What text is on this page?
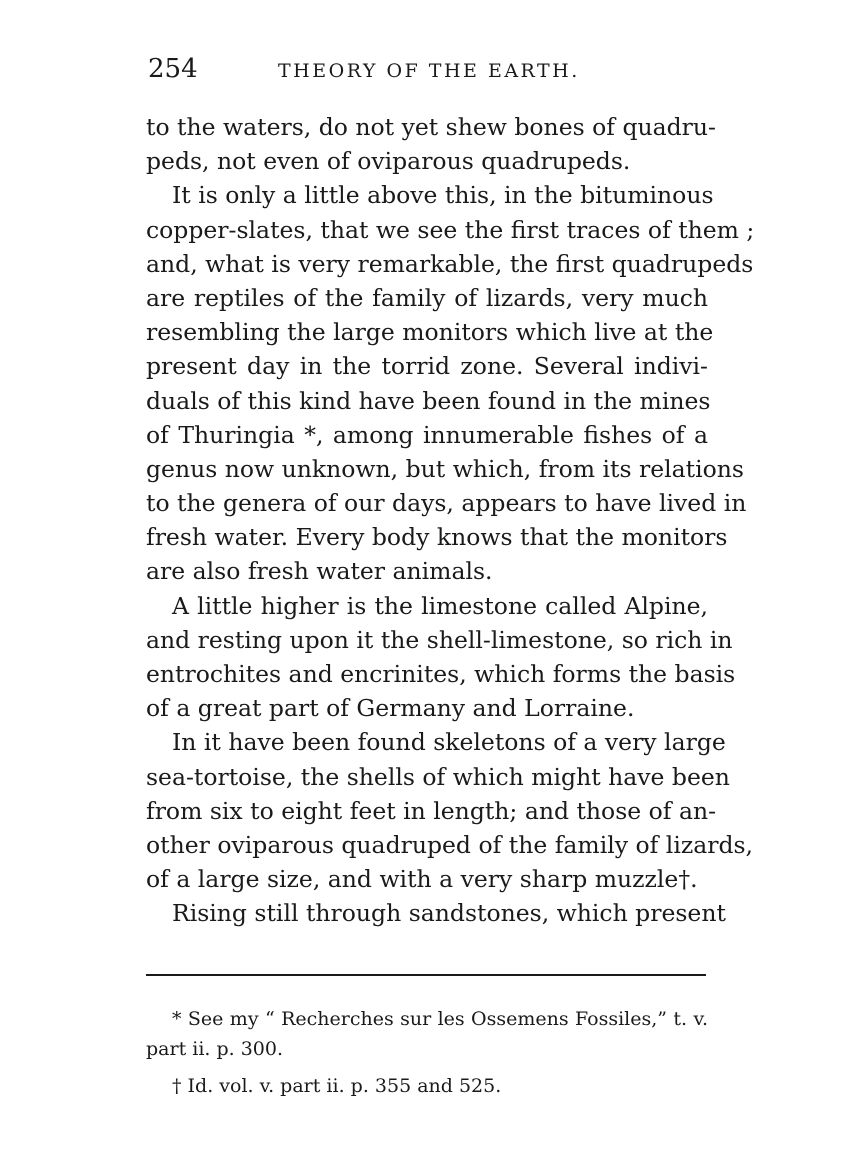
254	THEORY OF THE EARTH.
to the waters, do not yet shew bones of quadru-
peds, not even of oviparous quadrupeds.
It is only a little above this, in the bituminous
copper-slates, that we see the first traces of them ;
and, what is very remarkable, the first quadrupeds
are reptiles of the family of lizards, very much
resembling the large monitors which live at the
present day in the torrid zone. Several indivi-
duals of this kind have been found in the mines
of Thuringia *, among innumerable fishes of a
genus now unknown, but which, from its relations
to the genera of our days, appears to have lived in
fresh water. Every body knows that the monitors
are also fresh water animals.
A little higher is the limestone called Alpine,
and resting upon it the shell-limestone, so rich in
entrochites and encrinites, which forms the basis
of a great part of Germany and Lorraine.
In it have been found skeletons of a very large
sea-tortoise, the shells of which might have been
from six to eight feet in length; and those of an-
other oviparous quadruped of the family of lizards,
of a large size, and with a very sharp muzzle†.
Rising still through sandstones, which present
* See my “ Recherches sur les Ossemens Fossiles,” t. v.
part ii. p. 300.
† Id. vol. v. part ii. p. 355 and 525.
